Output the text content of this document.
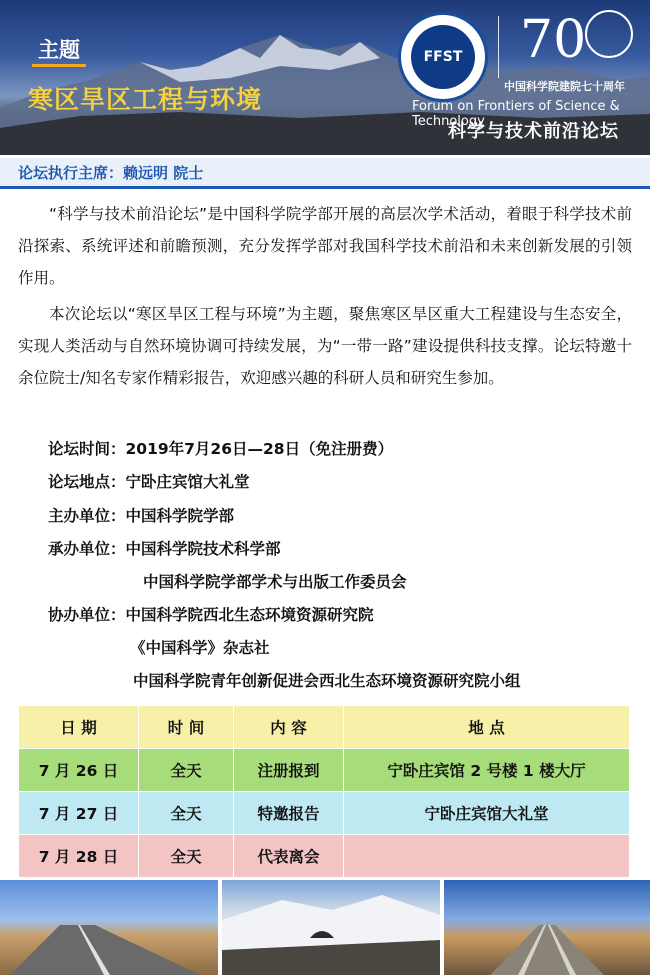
主题
寒区旱区工程与环境
FFST 70
中国科学院建院七十周年
Forum on Frontiers of Science & Technology
科学与技术前沿论坛
论坛执行主席：赖远明 院士

“科学与技术前沿论坛”是中国科学院学部开展的高层次学术活动，着眼于科学技术前沿探索、系统评述和前瞻预测，充分发挥学部对我国科学技术前沿和未来创新发展的引领作用。

本次论坛以“寒区旱区工程与环境”为主题，聚焦寒区旱区重大工程建设与生态安全，实现人类活动与自然环境协调可持续发展，为“一带一路”建设提供科技支撑。论坛特邀十余位院士/知名专家作精彩报告，欢迎感兴趣的科研人员和研究生参加。

论坛时间：2019年7月26日—28日（免注册费）
论坛地点：宁卧庄宾馆大礼堂
主办单位：中国科学院学部
承办单位：中国科学院技术科学部
中国科学院学部学术与出版工作委员会
协办单位：中国科学院西北生态环境资源研究院
《中国科学》杂志社
中国科学院青年创新促进会西北生态环境资源研究院小组
日 期	时 间	内 容	地 点
7 月 26 日	全天	注册报到	宁卧庄宾馆 2 号楼 1 楼大厅
7 月 27 日	全天	特邀报告	宁卧庄宾馆大礼堂
7 月 28 日	全天	代表离会	
